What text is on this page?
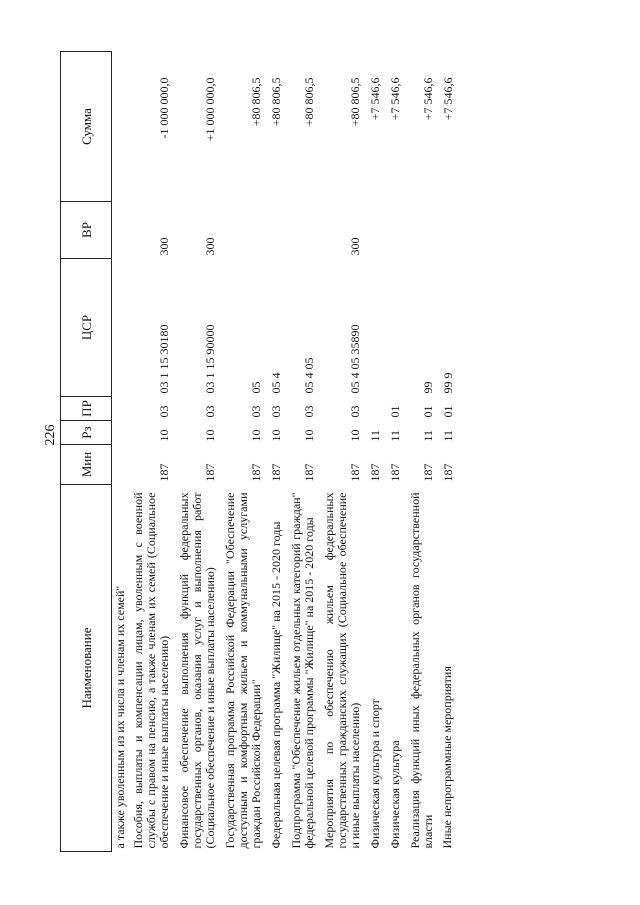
226
Наименование	Мин	Рз	ПР	ЦСР	ВР	Сумма
а также уволенным из их числа и членам их семей"						
Пособия, выплаты и компенсации лицам, уволенным с военной службы с правом на пенсию, а также членам их семей (Социальное обеспечение и иные выплаты населению)	187	10	03	03 1 15 30180	300	-1 000 000,0
Финансовое обеспечение выполнения функций федеральных государственных органов, оказания услуг и выполнения работ (Социальное обеспечение и иные выплаты населению)	187	10	03	03 1 15 90000	300	+1 000 000,0
Государственная программа Российской Федерации "Обеспечение доступным и комфортным жильем и коммунальными услугами граждан Российской Федерации"	187	10	03	05		+80 806,5
Федеральная целевая программа "Жилище" на 2015 - 2020 годы	187	10	03	05 4		+80 806,5
Подпрограмма "Обеспечение жильем отдельных категорий граждан" федеральной целевой программы "Жилище" на 2015 - 2020 годы	187	10	03	05 4 05		+80 806,5
Мероприятия по обеспечению жильем федеральных государственных гражданских служащих (Социальное обеспечение и иные выплаты населению)	187	10	03	05 4 05 35890	300	+80 806,5
Физическая культура и спорт	187	11				+7 546,6
Физическая культура	187	11	01			+7 546,6
Реализация функций иных федеральных органов государственной власти	187	11	01	99		+7 546,6
Иные непрограммные мероприятия	187	11	01	99 9		+7 546,6
